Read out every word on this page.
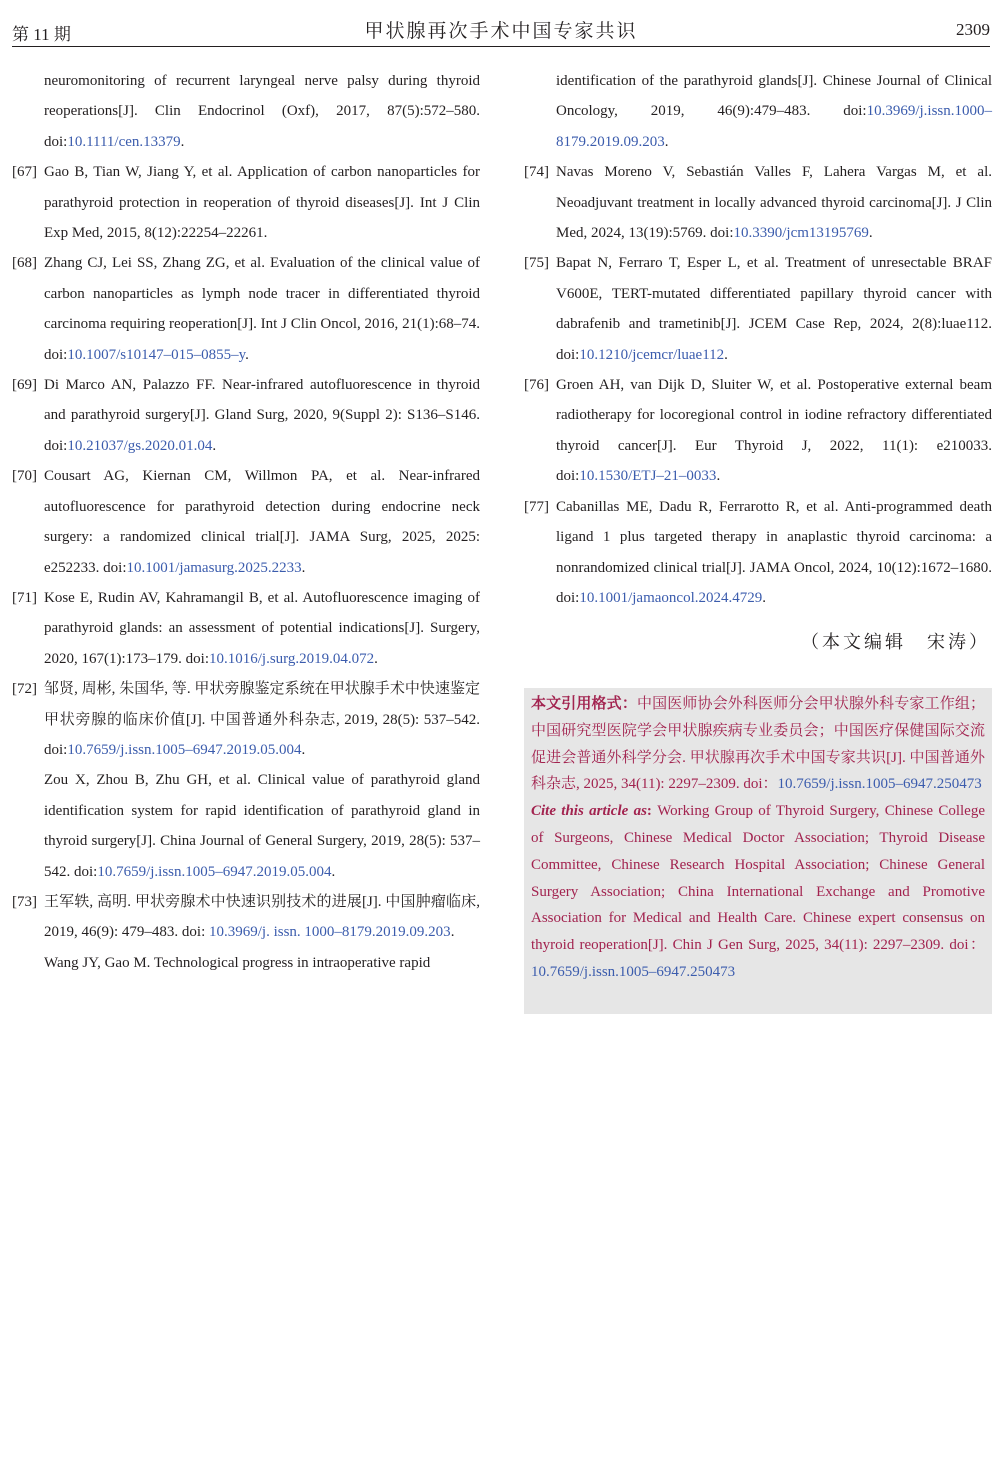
第 11 期	甲状腺再次手术中国专家共识	2309
neuromonitoring of recurrent laryngeal nerve palsy during thyroid reoperations[J]. Clin Endocrinol (Oxf), 2017, 87(5):572–580. doi:10.1111/cen.13379.
[67] Gao B, Tian W, Jiang Y, et al. Application of carbon nanoparticles for parathyroid protection in reoperation of thyroid diseases[J]. Int J Clin Exp Med, 2015, 8(12):22254–22261.
[68] Zhang CJ, Lei SS, Zhang ZG, et al. Evaluation of the clinical value of carbon nanoparticles as lymph node tracer in differentiated thyroid carcinoma requiring reoperation[J]. Int J Clin Oncol, 2016, 21(1):68–74. doi:10.1007/s10147–015–0855–y.
[69] Di Marco AN, Palazzo FF. Near-infrared autofluorescence in thyroid and parathyroid surgery[J]. Gland Surg, 2020, 9(Suppl 2): S136–S146. doi:10.21037/gs.2020.01.04.
[70] Cousart AG, Kiernan CM, Willmon PA, et al. Near-infrared autofluorescence for parathyroid detection during endocrine neck surgery: a randomized clinical trial[J]. JAMA Surg, 2025, 2025: e252233. doi:10.1001/jamasurg.2025.2233.
[71] Kose E, Rudin AV, Kahramangil B, et al. Autofluorescence imaging of parathyroid glands: an assessment of potential indications[J]. Surgery, 2020, 167(1):173–179. doi:10.1016/j.surg.2019.04.072.
[72] 邹贤, 周彬, 朱国华, 等. 甲状旁腺鉴定系统在甲状腺手术中快速鉴定甲状旁腺的临床价值[J]. 中国普通外科杂志, 2019, 28(5): 537–542. doi:10.7659/j.issn.1005–6947.2019.05.004.
Zou X, Zhou B, Zhu GH, et al. Clinical value of parathyroid gland identification system for rapid identification of parathyroid gland in thyroid surgery[J]. China Journal of General Surgery, 2019, 28(5): 537–542. doi:10.7659/j.issn.1005–6947.2019.05.004.
[73] 王军轶, 高明. 甲状旁腺术中快速识别技术的进展[J]. 中国肿瘤临床, 2019, 46(9): 479–483. doi: 10.3969/j. issn. 1000–8179.2019.09.203.
Wang JY, Gao M. Technological progress in intraoperative rapid
identification of the parathyroid glands[J]. Chinese Journal of Clinical Oncology, 2019, 46(9):479–483. doi:10.3969/j.issn.1000–8179.2019.09.203.
[74] Navas Moreno V, Sebastián Valles F, Lahera Vargas M, et al. Neoadjuvant treatment in locally advanced thyroid carcinoma[J]. J Clin Med, 2024, 13(19):5769. doi:10.3390/jcm13195769.
[75] Bapat N, Ferraro T, Esper L, et al. Treatment of unresectable BRAF V600E, TERT-mutated differentiated papillary thyroid cancer with dabrafenib and trametinib[J]. JCEM Case Rep, 2024, 2(8):luae112. doi:10.1210/jcemcr/luae112.
[76] Groen AH, van Dijk D, Sluiter W, et al. Postoperative external beam radiotherapy for locoregional control in iodine refractory differentiated thyroid cancer[J]. Eur Thyroid J, 2022, 11(1): e210033. doi:10.1530/ETJ–21–0033.
[77] Cabanillas ME, Dadu R, Ferrarotto R, et al. Anti-programmed death ligand 1 plus targeted therapy in anaplastic thyroid carcinoma: a nonrandomized clinical trial[J]. JAMA Oncol, 2024, 10(12):1672–1680. doi:10.1001/jamaoncol.2024.4729.
（本文编辑　宋涛）
本文引用格式：中国医师协会外科医师分会甲状腺外科专家工作组；中国研究型医院学会甲状腺疾病专业委员会；中国医疗保健国际交流促进会普通外科学分会. 甲状腺再次手术中国专家共识[J]. 中国普通外科杂志, 2025, 34(11): 2297–2309. doi：10.7659/j.issn.1005–6947.250473
Cite this article as: Working Group of Thyroid Surgery, Chinese College of Surgeons, Chinese Medical Doctor Association; Thyroid Disease Committee, Chinese Research Hospital Association; Chinese General Surgery Association; China International Exchange and Promotive Association for Medical and Health Care. Chinese expert consensus on thyroid reoperation[J]. Chin J Gen Surg, 2025, 34(11): 2297–2309. doi：10.7659/j.issn.1005–6947.250473
